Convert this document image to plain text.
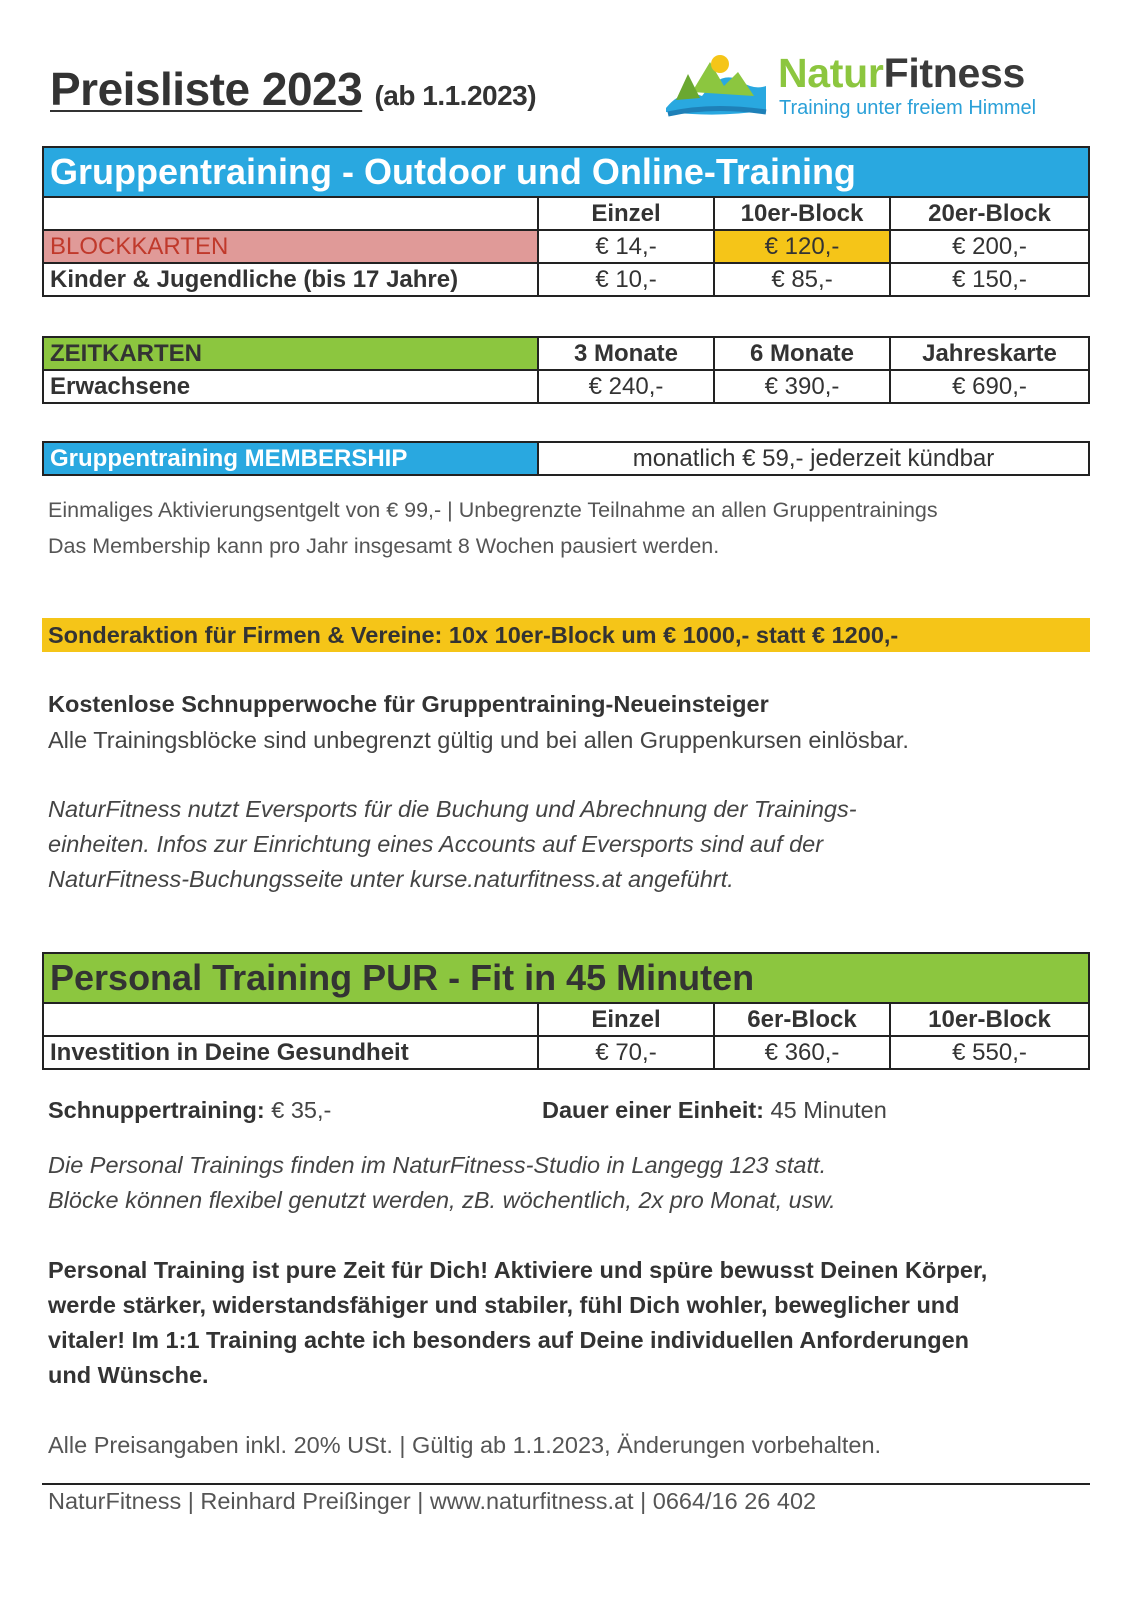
Preisliste 2023 (ab 1.1.2023)	NaturFitness
Training unter freiem Himmel
Gruppentraining - Outdoor und Online-Training			
	Einzel	10er-Block	20er-Block
BLOCKKARTEN	€ 14,-	€ 120,-	€ 200,-
Kinder & Jugendliche (bis 17 Jahre)	€ 10,-	€ 85,-	€ 150,-
ZEITKARTEN	3 Monate	6 Monate	Jahreskarte
Erwachsene	€ 240,-	€ 390,-	€ 690,-
Gruppentraining MEMBERSHIP	monatlich € 59,- jederzeit kündbar
Einmaliges Aktivierungsentgelt von € 99,- | Unbegrenzte Teilnahme an allen Gruppentrainings
Das Membership kann pro Jahr insgesamt 8 Wochen pausiert werden.
Sonderaktion für Firmen & Vereine: 10x 10er-Block um € 1000,- statt € 1200,-
Kostenlose Schnupperwoche für Gruppentraining-Neueinsteiger
Alle Trainingsblöcke sind unbegrenzt gültig und bei allen Gruppenkursen einlösbar.
NaturFitness nutzt Eversports für die Buchung und Abrechnung der Trainings-
einheiten. Infos zur Einrichtung eines Accounts auf Eversports sind auf der
NaturFitness-Buchungsseite unter kurse.naturfitness.at angeführt.
Personal Training PUR - Fit in 45 Minuten			
	Einzel	6er-Block	10er-Block
Investition in Deine Gesundheit	€ 70,-	€ 360,-	€ 550,-
Schnuppertraining: € 35,-	Dauer einer Einheit: 45 Minuten
Die Personal Trainings finden im NaturFitness-Studio in Langegg 123 statt.
Blöcke können flexibel genutzt werden, zB. wöchentlich, 2x pro Monat, usw.
Personal Training ist pure Zeit für Dich! Aktiviere und spüre bewusst Deinen Körper,
werde stärker, widerstandsfähiger und stabiler, fühl Dich wohler, beweglicher und
vitaler! Im 1:1 Training achte ich besonders auf Deine individuellen Anforderungen
und Wünsche.
Alle Preisangaben inkl. 20% USt. | Gültig ab 1.1.2023, Änderungen vorbehalten.
NaturFitness | Reinhard Preißinger | www.naturfitness.at | 0664/16 26 402
